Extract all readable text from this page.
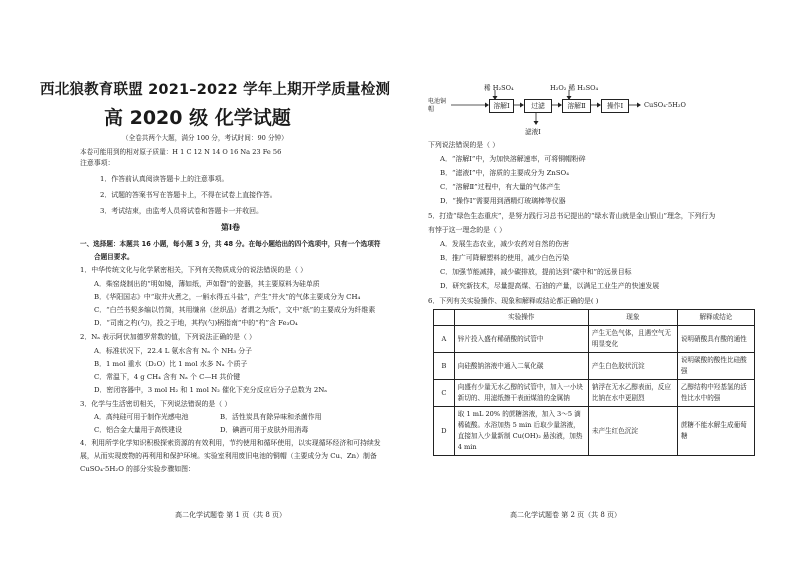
西北狼教育联盟 2021–2022 学年上期开学质量检测
高 2020 级 化学试题
（全卷共两个大题，满分 100 分，考试时间：90 分钟）
本卷可能用到的相对原子质量：H 1 C 12 N 14 O 16 Na 23 Fe 56
注意事项：
1．作答前认真阅读答题卡上的注意事项。
2．试题的答案书写在答题卡上，不得在试卷上直接作答。
3．考试结束，由监考人员将试卷和答题卡一并收回。
第Ⅰ卷
一、选择题：本题共 16 小题，每小题 3 分，共 48 分。在每小题给出的四个选项中，只有一个选项符
合题目要求。
1．中华传统文化与化学紧密相关，下列有关物质成分的说法错误的是（ ）
A．柴窑烧制出的“明如镜，薄如纸，声如磬”的瓷器，其主要原料为硅单质
B．《华阳国志》中“取井火煮之，一斛水得五斗盐”，产生“井火”的气体主要成分为 CH₄
C．“白苎书契多编以竹简，其用缣帛（丝织品）者谓之为纸”，文中“纸”的主要成分为纤维素
D．“司南之杓(勺)，投之于地，其杓(勺)柄指南”中的“杓”含 Fe₃O₄
2．Nₐ 表示阿伏加德罗常数的值，下列说法正确的是（ ）
A．标准状况下，22.4 L 氨水含有 Nₐ 个 NH₃ 分子
B．1 mol 重水（D₂O）比 1 mol 水多 Nₐ 个质子
C．常温下，4 g CH₄ 含有 Nₐ 个 C—H 共价键
D．密闭容器中，3 mol H₂ 和 1 mol N₂ 催化下充分反应后分子总数为 2Nₐ
3．化学与生活密切相关，下列说法错误的是（ ）
A．高纯硅可用于制作光感电池	B．活性炭具有除异味和杀菌作用
C．铝合金大量用于高铁建设	D．碘酒可用于皮肤外用消毒
4．利用所学化学知识积极探索资源的有效利用，节约使用和循环使用，以实现循环经济和可持续发
展，从而实现废物的再利用和保护环境。实验室利用废旧电池的铜帽（主要成分为 Cu、Zn）制备
CuSO₄·5H₂O 的部分实验步骤如图：
高二化学试题卷 第 1 页（共 8 页）
稀 H₂SO₄	H₂O₂ 稀 H₂SO₄
电池铜帽	溶解Ⅰ	过滤	溶解Ⅱ	操作Ⅰ	CuSO₄·5H₂O
滤液Ⅰ
下列说法错误的是（ ）
A．“溶解Ⅰ”中，为加快溶解速率，可将铜帽粉碎
B．“滤液Ⅰ”中，溶质的主要成分为 ZnSO₄
C．“溶解Ⅱ”过程中，有大量的气体产生
D．“操作Ⅰ”需要用到酒精灯玻璃棒等仪器
5．打造“绿色生态重庆”，是努力践行习总书记提出的“绿水青山就是金山银山”理念，下列行为
有悖于这一理念的是（ ）
A．发展生态农业，减少农药对自然的伤害
B．推广可降解塑料的使用，减少白色污染
C．加强节能减排，减少碳排放，提前达到“碳中和”的远景目标
D．研究新技术，尽量提高煤、石油的产量，以满足工业生产的快速发展
6．下列有关实验操作、现象和解释或结论都正确的是( )
	实验操作	现象	解释或结论
A	锌片投入盛有稀硝酸的试管中	产生无色气体，且遇空气无明显变化	说明硝酸具有酸的通性
B	向硅酸钠溶液中通入二氧化碳	产生白色胶状沉淀	说明碳酸的酸性比硅酸强
C	向盛有少量无水乙醇的试管中，加入一小块新切的、用滤纸擦干表面煤油的金属钠	钠浮在无水乙醇表面，反应比钠在水中更剧烈	乙醇结构中羟基氢的活性比水中的强
D	取 1 mL 20% 的蔗糖溶液，加入 3～5 滴稀硫酸。水浴加热 5 min 后取少量溶液，直接加入少量新制 Cu(OH)₂ 悬浊液，加热 4 min	未产生红色沉淀	蔗糖不能水解生成葡萄糖
高二化学试题卷 第 2 页（共 8 页）
